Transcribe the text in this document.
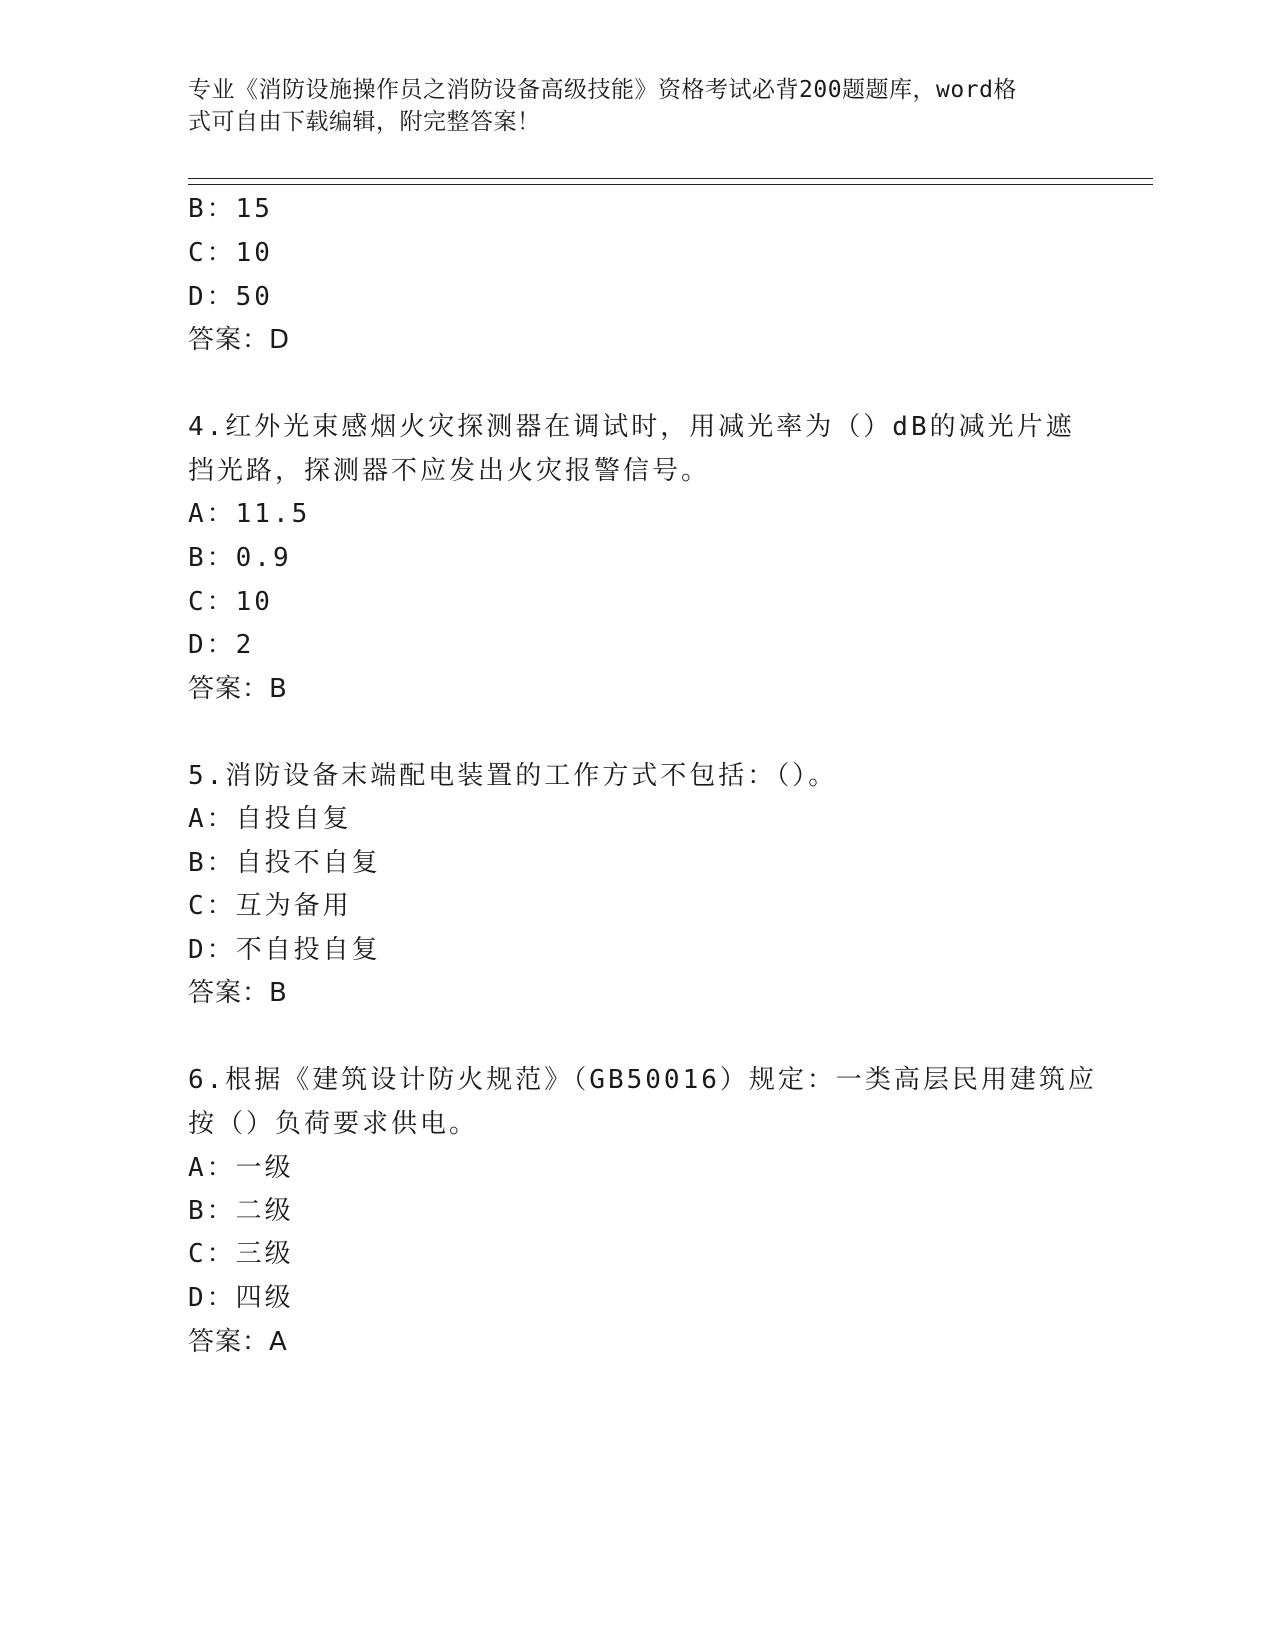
专业《消防设施操作员之消防设备高级技能》资格考试必背200题题库，word格
式可自由下载编辑，附完整答案！
B：15
C：10
D：50
答案：D
4.红外光束感烟火灾探测器在调试时，用减光率为（）dB的减光片遮
挡光路，探测器不应发出火灾报警信号。
A：11.5
B：0.9
C：10
D：2
答案：B
5.消防设备末端配电装置的工作方式不包括：（）。
A：自投自复
B：自投不自复
C：互为备用
D：不自投自复
答案：B
6.根据《建筑设计防火规范》（GB50016）规定：一类高层民用建筑应
按（）负荷要求供电。
A：一级
B：二级
C：三级
D：四级
答案：A
